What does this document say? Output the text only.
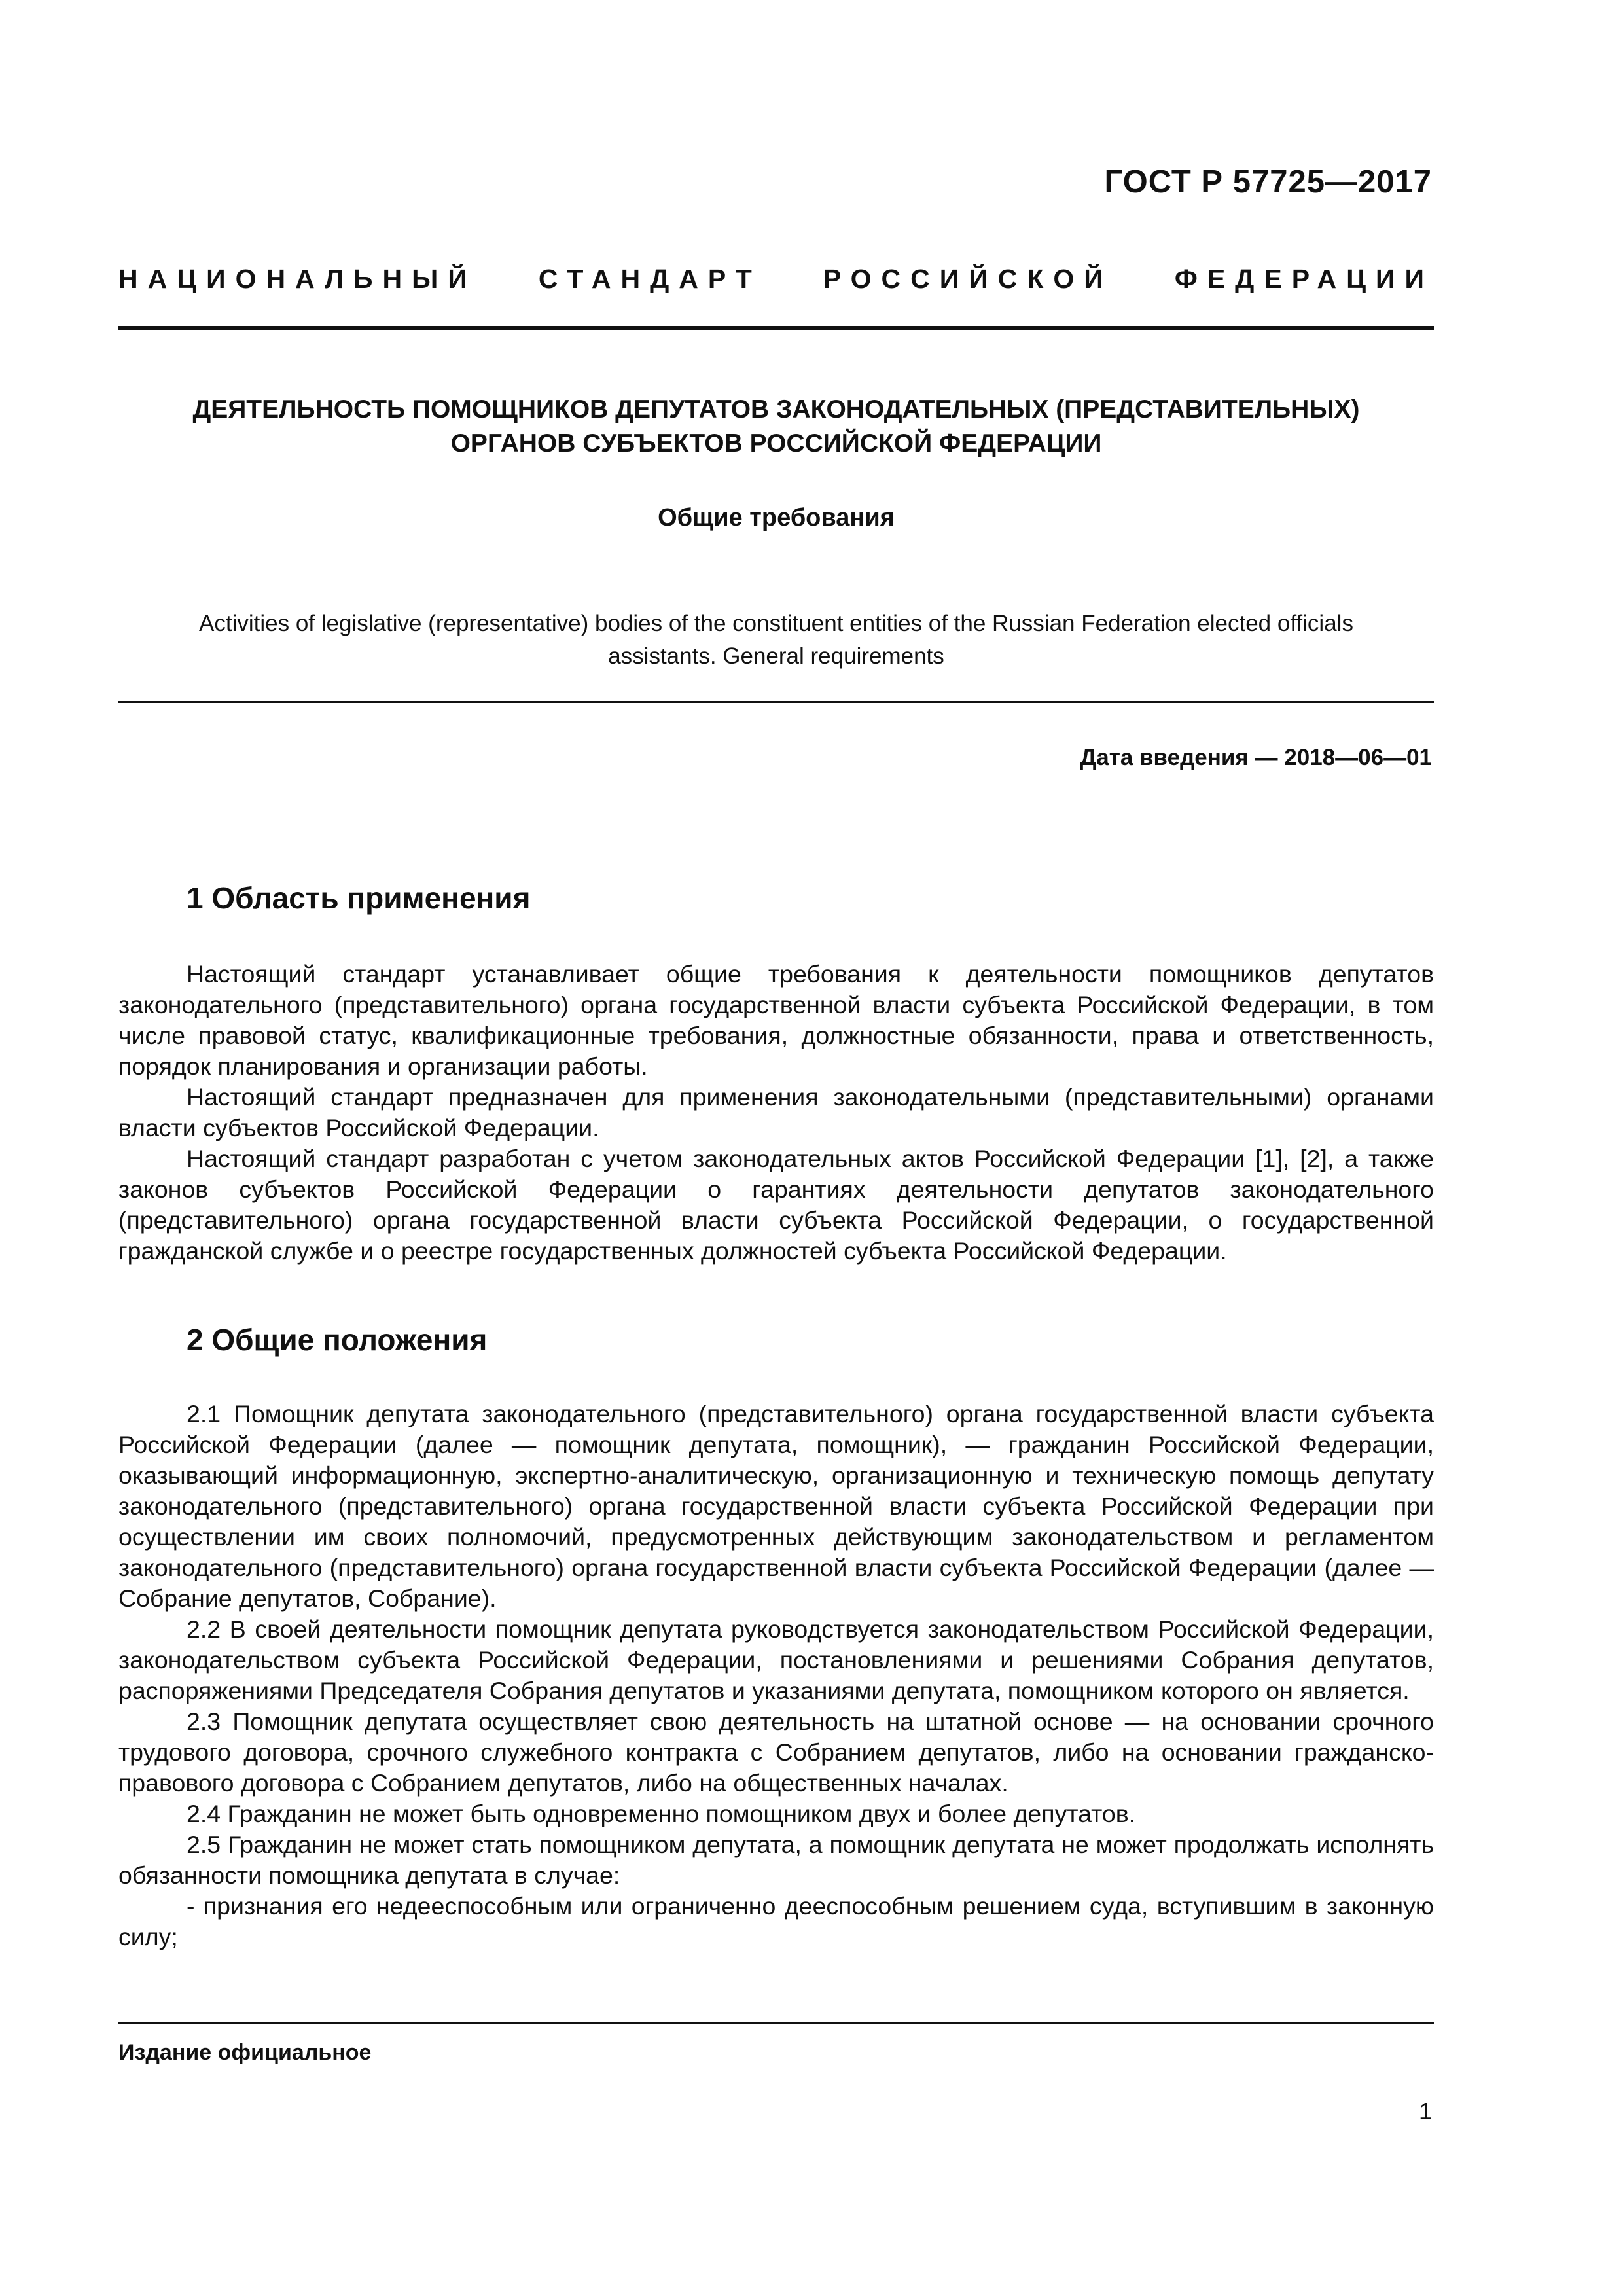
ГОСТ Р 57725—2017
НАЦИОНАЛЬНЫЙ СТАНДАРТ РОССИЙСКОЙ ФЕДЕРАЦИИ
ДЕЯТЕЛЬНОСТЬ ПОМОЩНИКОВ ДЕПУТАТОВ ЗАКОНОДАТЕЛЬНЫХ (ПРЕДСТАВИТЕЛЬНЫХ)
ОРГАНОВ СУБЪЕКТОВ РОССИЙСКОЙ ФЕДЕРАЦИИ
Общие требования
Activities of legislative (representative) bodies of the constituent entities of the Russian Federation elected officials
assistants. General requirements
Дата введения — 2018—06—01
1 Область применения

Настоящий стандарт устанавливает общие требования к деятельности помощников депутатов законодательного (представительного) органа государственной власти субъекта Российской Федерации, в том числе правовой статус, квалификационные требования, должностные обязанности, права и ответственность, порядок планирования и организации работы.

Настоящий стандарт предназначен для применения законодательными (представительными) органами власти субъектов Российской Федерации.

Настоящий стандарт разработан с учетом законодательных актов Российской Федерации [1], [2], а также законов субъектов Российской Федерации о гарантиях деятельности депутатов законодательного (представительного) органа государственной власти субъекта Российской Федерации, о государственной гражданской службе и о реестре государственных должностей субъекта Российской Федерации.

2 Общие положения

2.1 Помощник депутата законодательного (представительного) органа государственной власти субъекта Российской Федерации (далее — помощник депутата, помощник), — гражданин Российской Федерации, оказывающий информационную, экспертно-аналитическую, организационную и техническую помощь депутату законодательного (представительного) органа государственной власти субъекта Российской Федерации при осуществлении им своих полномочий, предусмотренных действующим законодательством и регламентом законодательного (представительного) органа государственной власти субъекта Российской Федерации (далее — Собрание депутатов, Собрание).

2.2 В своей деятельности помощник депутата руководствуется законодательством Российской Федерации, законодательством субъекта Российской Федерации, постановлениями и решениями Собрания депутатов, распоряжениями Председателя Собрания депутатов и указаниями депутата, помощником которого он является.

2.3 Помощник депутата осуществляет свою деятельность на штатной основе — на основании срочного трудового договора, срочного служебного контракта с Собранием депутатов, либо на основании гражданско-правового договора с Собранием депутатов, либо на общественных началах.

2.4 Гражданин не может быть одновременно помощником двух и более депутатов.

2.5 Гражданин не может стать помощником депутата, а помощник депутата не может продолжать исполнять обязанности помощника депутата в случае:

- признания его недееспособным или ограниченно дееспособным решением суда, вступившим в законную силу;

Издание официальное
1
